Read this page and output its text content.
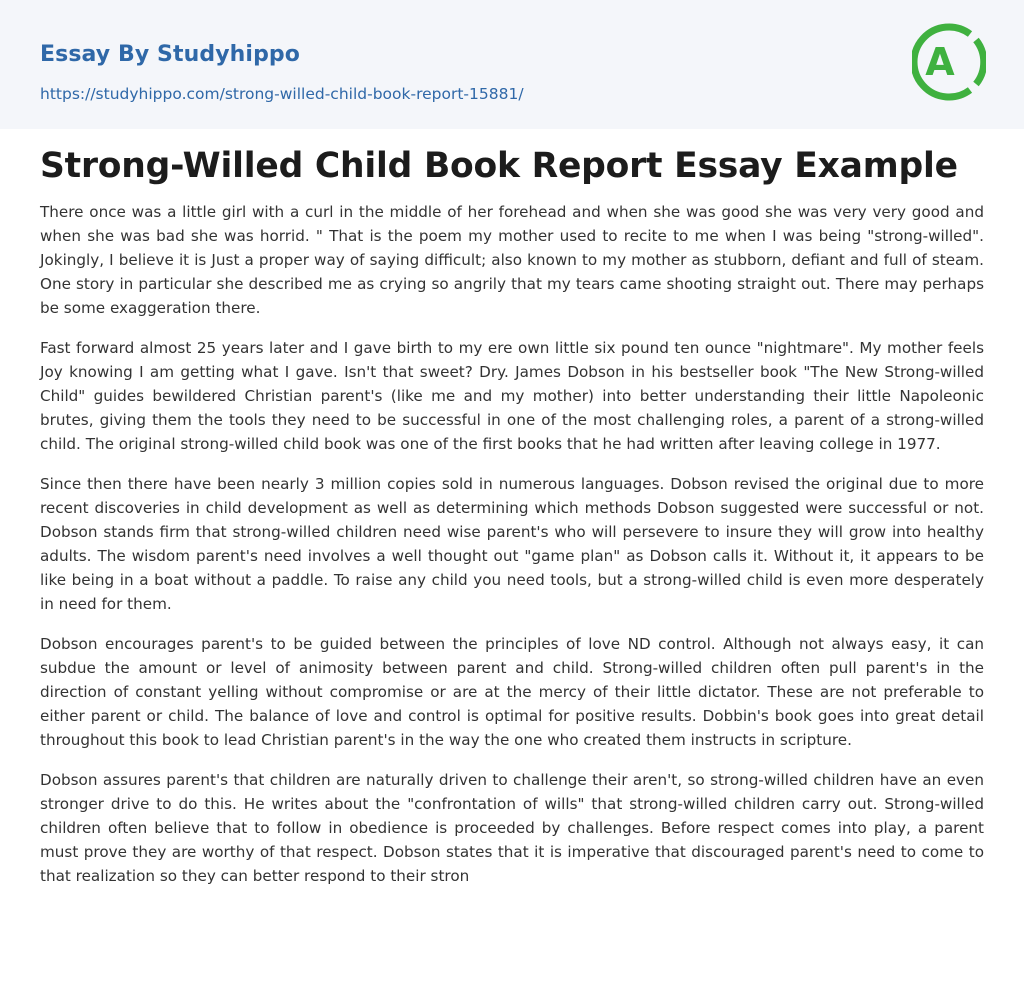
Essay By Studyhippo
https://studyhippo.com/strong-willed-child-book-report-15881/
A
Strong-Willed Child Book Report Essay Example

There once was a little girl with a curl in the middle of her forehead and when she was good she was very very good and when she was bad she was horrid. " That is the poem my mother used to recite to me when I was being "strong-willed". Jokingly, I believe it is Just a proper way of saying difficult; also known to my mother as stubborn, defiant and full of steam. One story in particular she described me as crying so angrily that my tears came shooting straight out. There may perhaps be some exaggeration there.

Fast forward almost 25 years later and I gave birth to my ere own little six pound ten ounce "nightmare". My mother feels Joy knowing I am getting what I gave. Isn't that sweet? Dry. James Dobson in his bestseller book "The New Strong-willed Child" guides bewildered Christian parent's (like me and my mother) into better understanding their little Napoleonic brutes, giving them the tools they need to be successful in one of the most challenging roles, a parent of a strong-willed child. The original strong-willed child book was one of the first books that he had written after leaving college in 1977.

Since then there have been nearly 3 million copies sold in numerous languages. Dobson revised the original due to more recent discoveries in child development as well as determining which methods Dobson suggested were successful or not. Dobson stands firm that strong-willed children need wise parent's who will persevere to insure they will grow into healthy adults. The wisdom parent's need involves a well thought out "game plan" as Dobson calls it. Without it, it appears to be like being in a boat without a paddle. To raise any child you need tools, but a strong-willed child is even more desperately in need for them.

Dobson encourages parent's to be guided between the principles of love ND control. Although not always easy, it can subdue the amount or level of animosity between parent and child. Strong-willed children often pull parent's in the direction of constant yelling without compromise or are at the mercy of their little dictator. These are not preferable to either parent or child. The balance of love and control is optimal for positive results. Dobbin's book goes into great detail throughout this book to lead Christian parent's in the way the one who created them instructs in scripture.

Dobson assures parent's that children are naturally driven to challenge their aren't, so strong-willed children have an even stronger drive to do this. He writes about the "confrontation of wills" that strong-willed children carry out. Strong-willed children often believe that to follow in obedience is proceeded by challenges. Before respect comes into play, a parent must prove they are worthy of that respect. Dobson states that it is imperative that discouraged parent's need to come to that realization so they can better respond to their stron
